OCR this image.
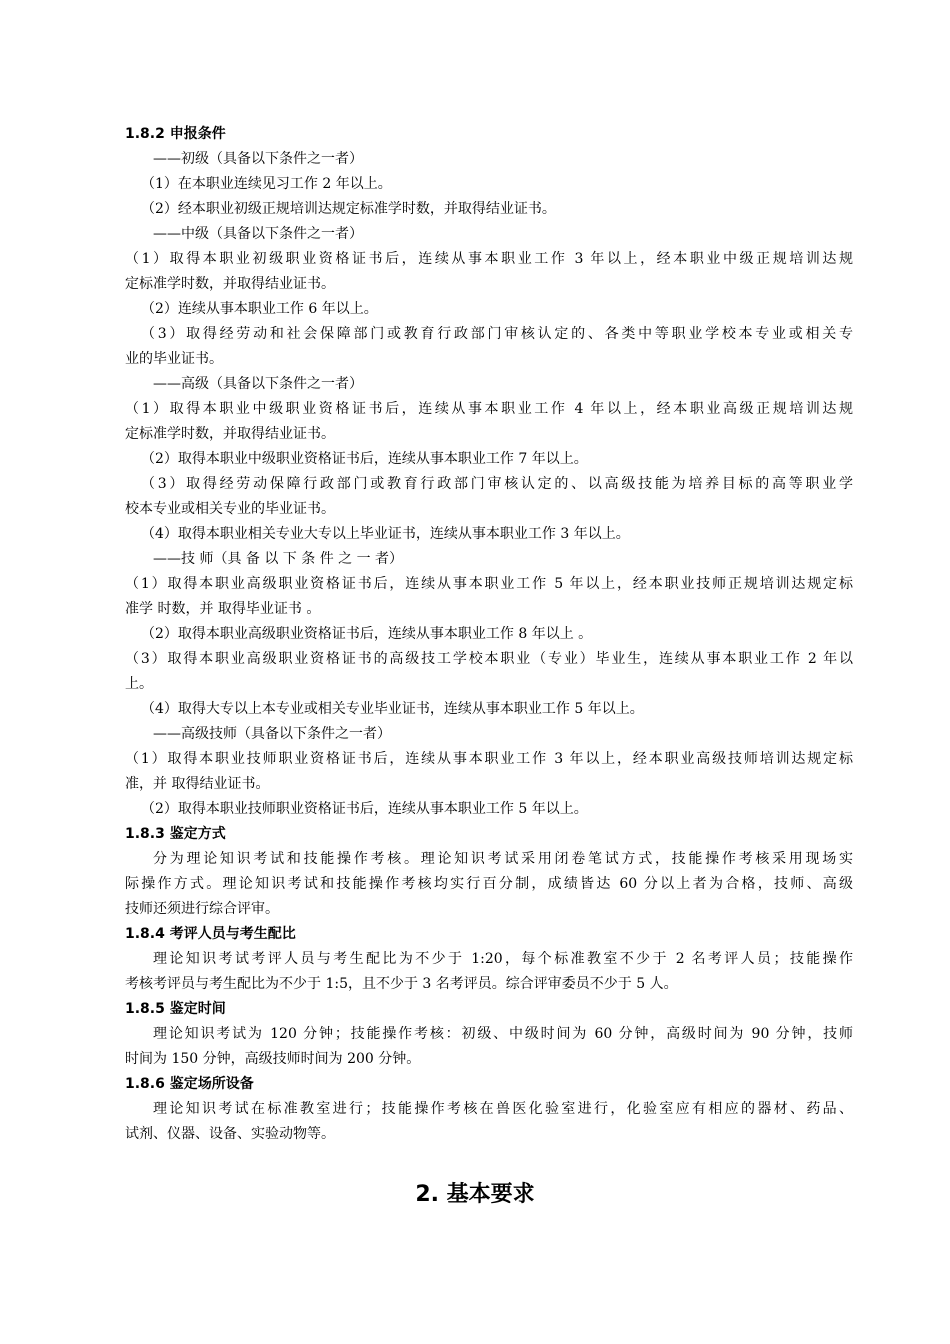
1.8.2 申报条件
——初级（具备以下条件之一者）
（1）在本职业连续见习工作 2 年以上。
（2）经本职业初级正规培训达规定标准学时数，并取得结业证书。
——中级（具备以下条件之一者）
（1）取得本职业初级职业资格证书后，连续从事本职业工作 3 年以上，经本职业中级正规培训达规
定标准学时数，并取得结业证书。
（2）连续从事本职业工作 6 年以上。
（3）取得经劳动和社会保障部门或教育行政部门审核认定的、各类中等职业学校本专业或相关专
业的毕业证书。
——高级（具备以下条件之一者）
（1）取得本职业中级职业资格证书后，连续从事本职业工作 4 年以上，经本职业高级正规培训达规
定标准学时数，并取得结业证书。
（2）取得本职业中级职业资格证书后，连续从事本职业工作 7 年以上。
（3）取得经劳动保障行政部门或教育行政部门审核认定的、以高级技能为培养目标的高等职业学
校本专业或相关专业的毕业证书。
（4）取得本职业相关专业大专以上毕业证书，连续从事本职业工作 3 年以上。
——技 师（具 备 以 下 条 件 之 一 者）
（1）取得本职业高级职业资格证书后，连续从事本职业工作 5 年以上，经本职业技师正规培训达规定标
准学 时数，并 取得毕业证书 。
（2）取得本职业高级职业资格证书后，连续从事本职业工作 8 年以上 。
（3）取得本职业高级职业资格证书的高级技工学校本职业（专业）毕业生，连续从事本职业工作 2 年以
上。
（4）取得大专以上本专业或相关专业毕业证书，连续从事本职业工作 5 年以上。
——高级技师（具备以下条件之一者）
（1）取得本职业技师职业资格证书后，连续从事本职业工作 3 年以上，经本职业高级技师培训达规定标
准，并 取得结业证书。
（2）取得本职业技师职业资格证书后，连续从事本职业工作 5 年以上。
1.8.3 鉴定方式
分为理论知识考试和技能操作考核。理论知识考试采用闭卷笔试方式，技能操作考核采用现场实
际操作方式。理论知识考试和技能操作考核均实行百分制，成绩皆达 60 分以上者为合格，技师、高级
技师还须进行综合评审。
1.8.4 考评人员与考生配比
理论知识考试考评人员与考生配比为不少于 1:20，每个标准教室不少于 2 名考评人员；技能操作
考核考评员与考生配比为不少于 1:5，且不少于 3 名考评员。综合评审委员不少于 5 人。
1.8.5 鉴定时间
理论知识考试为 120 分钟；技能操作考核：初级、中级时间为 60 分钟，高级时间为 90 分钟，技师
时间为 150 分钟，高级技师时间为 200 分钟。
1.8.6 鉴定场所设备
理论知识考试在标准教室进行；技能操作考核在兽医化验室进行，化验室应有相应的器材、药品、
试剂、仪器、设备、实验动物等。
2. 基本要求
